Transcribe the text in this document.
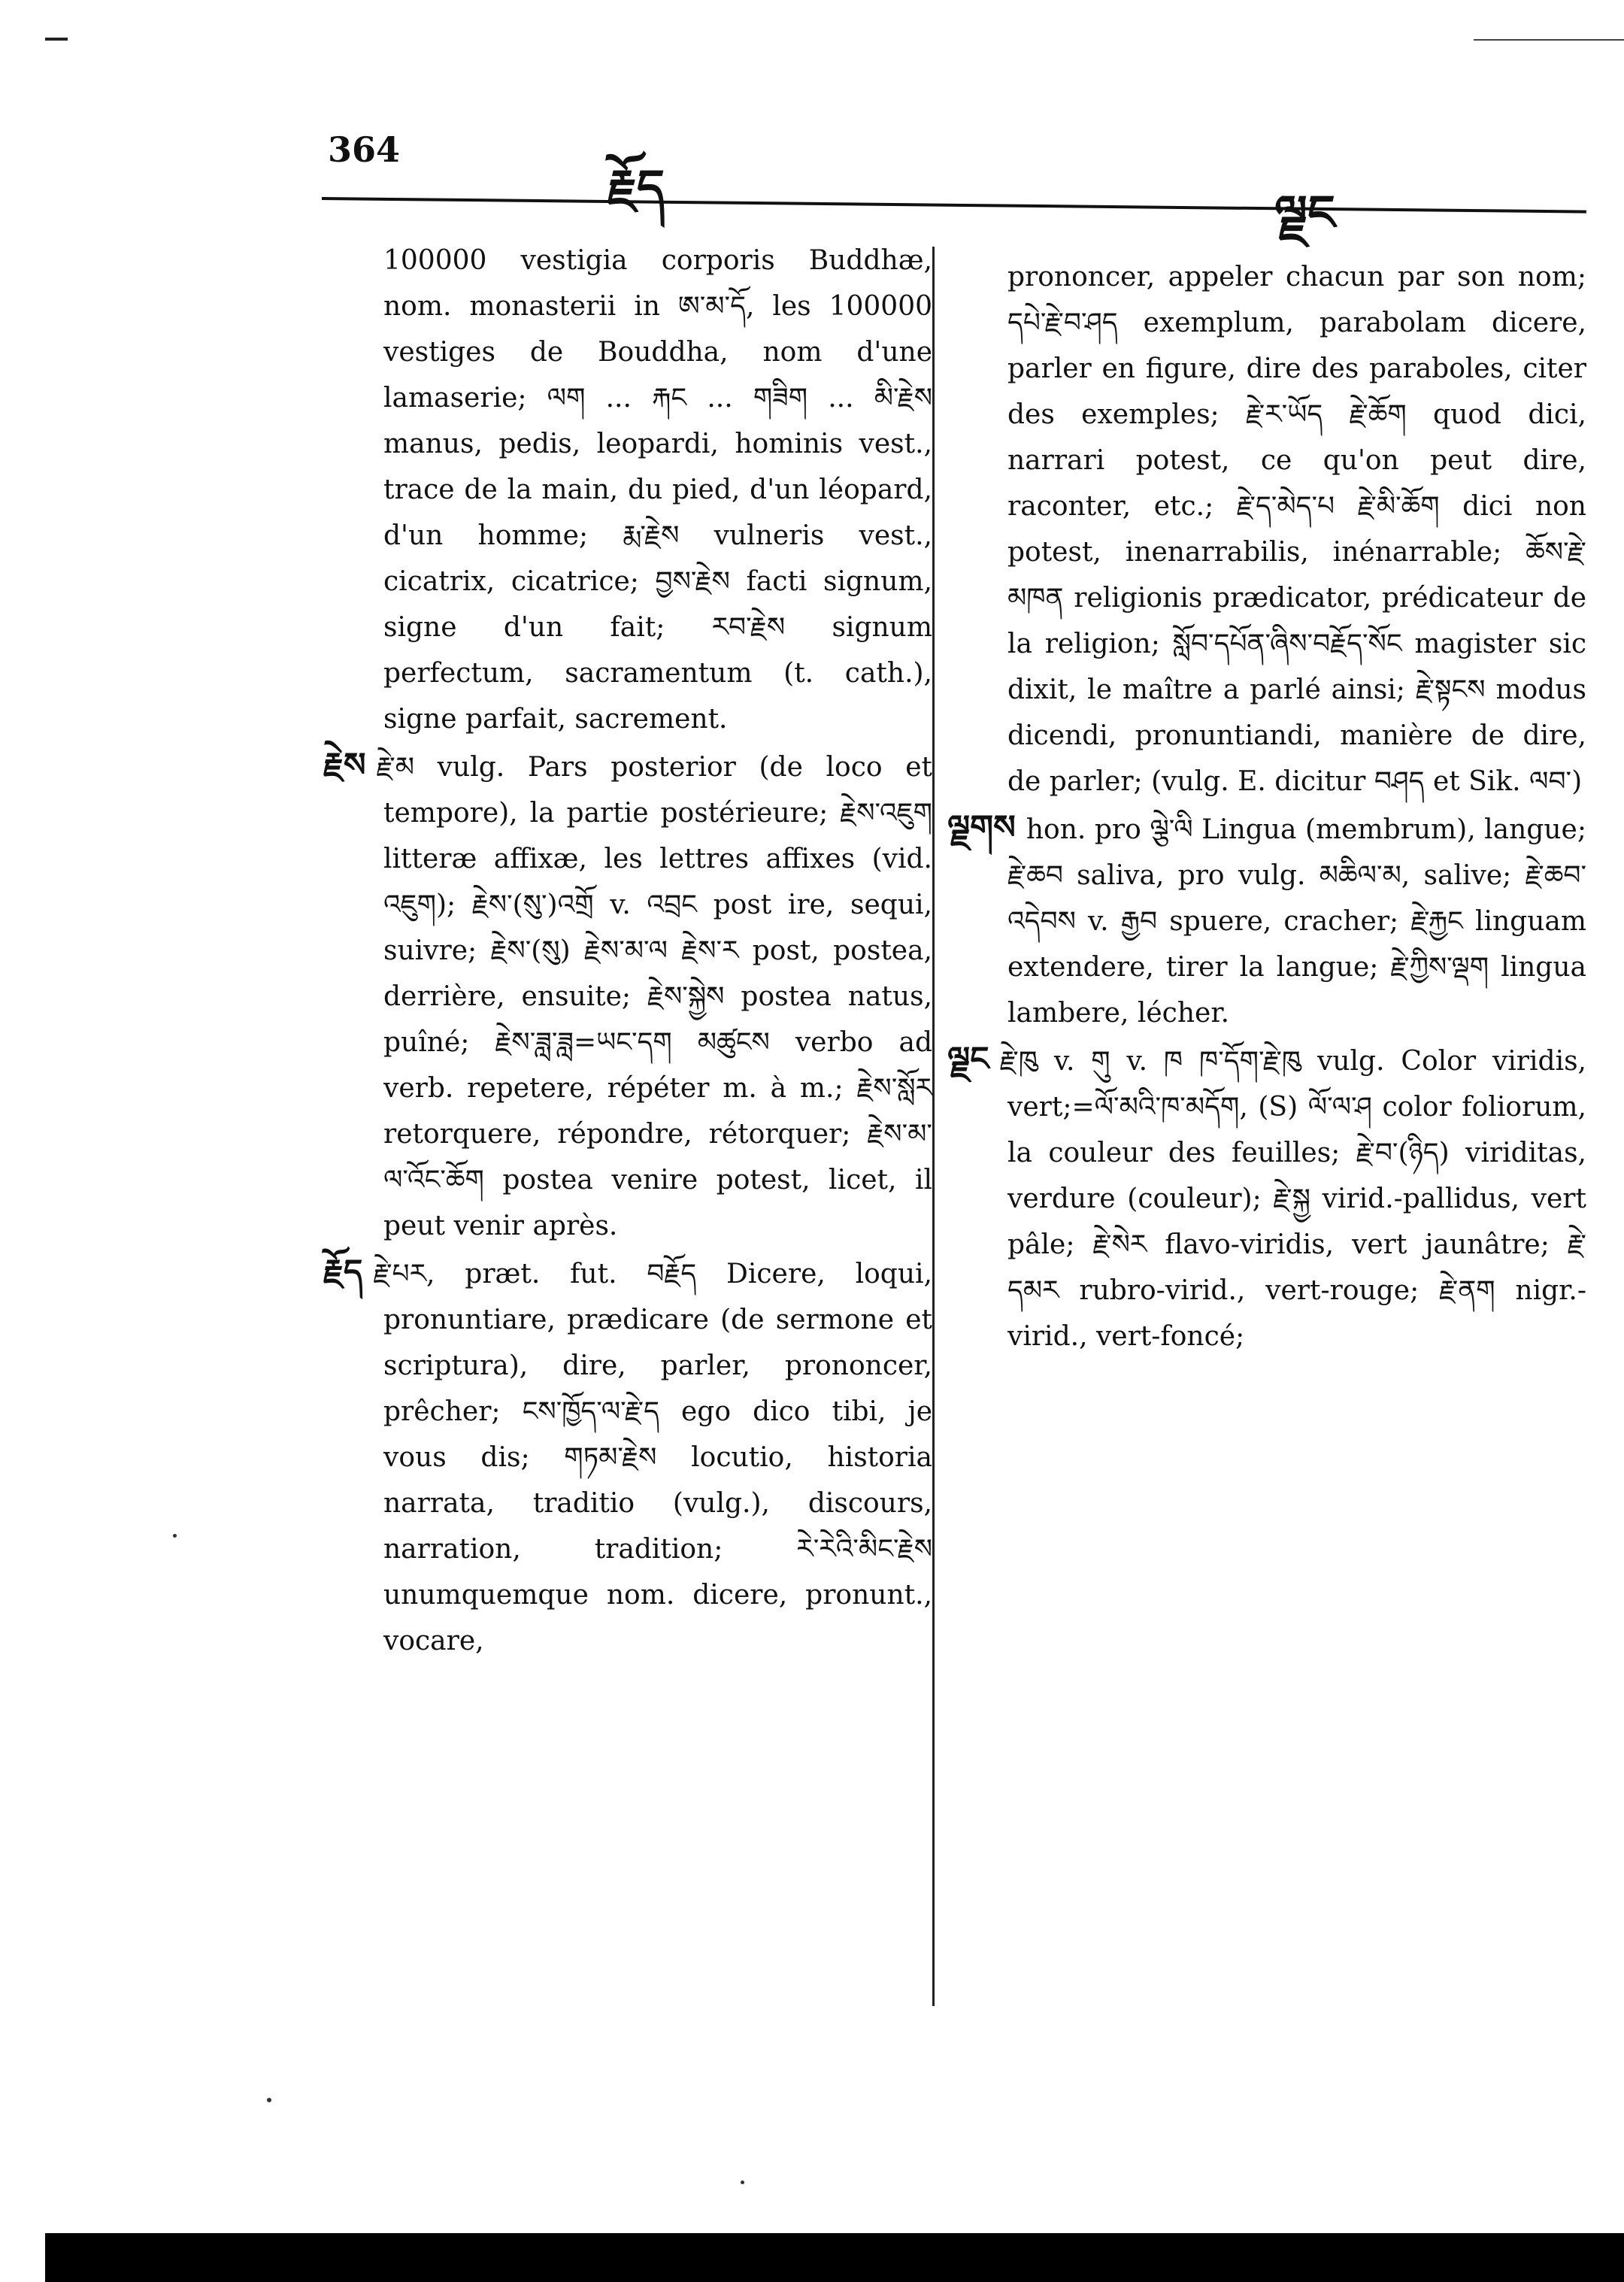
364
རྗོད	ལྗང

100000 vestigia corporis Buddhæ, nom. monasterii in ཨ་མ་དོ, les 100000 vestiges de Bouddha, nom d'une lamaserie; ལག ... རྐང ... གཟིག ... མི་རྗེས manus, pedis, leopardi, hominis vest., trace de la main, du pied, d'un léopard, d'un homme; རྨ་རྗེས vulneris vest., cicatrix, cicatrice; བྱས་རྗེས facti signum, signe d'un fait; རབ་རྗེས signum perfectum, sacramentum (t. cath.), signe parfait, sacrement.

རྗེས རྗེ་མ vulg. Pars posterior (de loco et tempore), la partie postérieure; རྗེས་འཇུག litteræ affixæ, les lettres affixes (vid. འཇུག); རྗེས་(སུ་)འགྲོ v. འབྲང post ire, sequi, suivre; རྗེས་(སུ) རྗེས་མ་ལ རྗེས་ར post, postea, derrière, ensuite; རྗེས་སྐྱེས postea natus, puîné; རྗེས་ཟླ་ཟླ=ཡང་དག མཚུངས verbo ad verb. repetere, répéter m. à m.; རྗེས་སློར retorquere, répondre, rétorquer; རྗེས་མ་ལ་འོང་ཆོག postea venire potest, licet, il peut venir après.

རྗོད རྗེ་པར, præt. fut. བརྗོད Dicere, loqui, pronuntiare, prædicare (de sermone et scriptura), dire, parler, prononcer, prêcher; ངས་ཁྱོད་ལ་རྗེ་ད ego dico tibi, je vous dis; གཏམ་རྗེས locutio, historia narrata, traditio (vulg.), discours, narration, tradition; རེ་རེའི་མིང་རྗེས unumquemque nom. dicere, pronunt., vocare,

prononcer, appeler chacun par son nom; དཔེ་རྗེ་བ་ཤད exemplum, parabolam dicere, parler en figure, dire des paraboles, citer des exemples; རྗེ་ར་ཡོད རྗེ་ཆོག quod dici, narrari potest, ce qu'on peut dire, raconter, etc.; རྗེ་ད་མེད་པ རྗེ་མི་ཆོག dici non potest, inenarrabilis, inénarrable; ཆོས་རྗེ་མཁན religionis prædicator, prédicateur de la religion; སློབ་དཔོན་ཞིས་བརྗོད་སོང magister sic dixit, le maître a parlé ainsi; རྗེ་སྟངས modus dicendi, pronuntiandi, manière de dire, de parler; (vulg. E. dicitur བཤད et Sik. ལབ་)

ལྗགས hon. pro ལྕེ་ལི Lingua (membrum), langue; རྗེ་ཆབ saliva, pro vulg. མཆིལ་མ, salive; རྗེ་ཆབ་འདེབས v. རྒྱབ spuere, cracher; རྗེ་རྐྱང linguam extendere, tirer la langue; རྗེ་ཀྱིས་ལྡག lingua lambere, lécher.

ལྗང རྗེ་ཁུ v. གུ v. ཁ ཁ་དོག་རྗེ་ཁུ vulg. Color viridis, vert;=ལོ་མའི་ཁ་མདོག, (S) ལོ་ལ་ཤ color foliorum, la couleur des feuilles; རྗེ་བ་(ཉིད) viriditas, verdure (couleur); རྗེ་སྐྱ virid.-pallidus, vert pâle; རྗེ་སེར flavo-viridis, vert jaunâtre; རྗེ་དམར rubro-virid., vert-rouge; རྗེ་ནག nigr.-virid., vert-foncé;
